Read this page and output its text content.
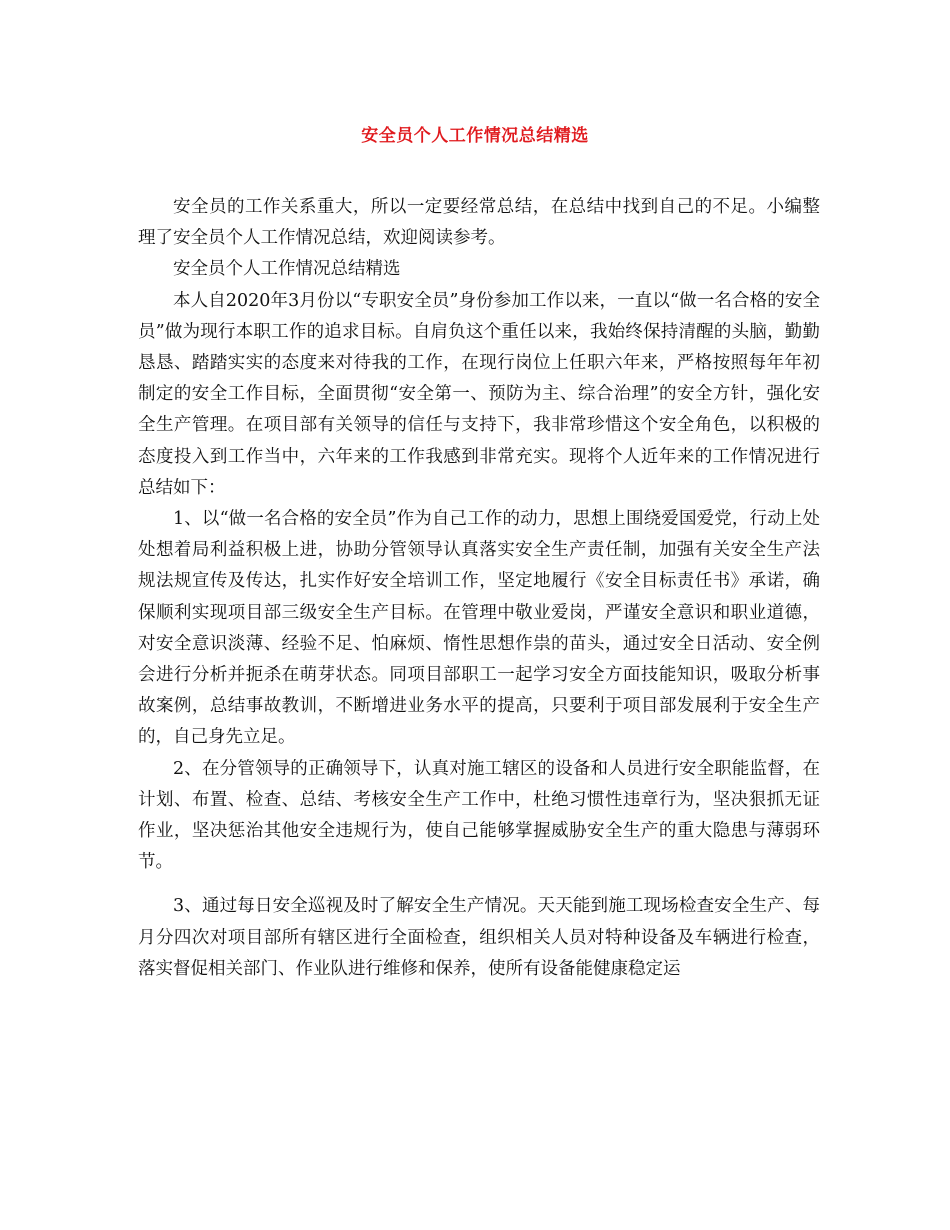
安全员个人工作情况总结精选

安全员的工作关系重大，所以一定要经常总结，在总结中找到自己的不足。小编整理了安全员个人工作情况总结，欢迎阅读参考。

安全员个人工作情况总结精选

本人自2020年3月份以“专职安全员”身份参加工作以来，一直以“做一名合格的安全员”做为现行本职工作的追求目标。自肩负这个重任以来，我始终保持清醒的头脑，勤勤恳恳、踏踏实实的态度来对待我的工作，在现行岗位上任职六年来，严格按照每年年初制定的安全工作目标，全面贯彻“安全第一、预防为主、综合治理”的安全方针，强化安全生产管理。在项目部有关领导的信任与支持下，我非常珍惜这个安全角色，以积极的态度投入到工作当中，六年来的工作我感到非常充实。现将个人近年来的工作情况进行总结如下：

1、以“做一名合格的安全员”作为自己工作的动力，思想上围绕爱国爱党，行动上处处想着局利益积极上进，协助分管领导认真落实安全生产责任制，加强有关安全生产法规法规宣传及传达，扎实作好安全培训工作，坚定地履行《安全目标责任书》承诺，确保顺利实现项目部三级安全生产目标。在管理中敬业爱岗，严谨安全意识和职业道德，对安全意识淡薄、经验不足、怕麻烦、惰性思想作祟的苗头，通过安全日活动、安全例会进行分析并扼杀在萌芽状态。同项目部职工一起学习安全方面技能知识，吸取分析事故案例，总结事故教训，不断增进业务水平的提高，只要利于项目部发展利于安全生产的，自己身先立足。

2、在分管领导的正确领导下，认真对施工辖区的设备和人员进行安全职能监督，在计划、布置、检查、总结、考核安全生产工作中，杜绝习惯性违章行为，坚决狠抓无证作业，坚决惩治其他安全违规行为，使自己能够掌握威胁安全生产的重大隐患与薄弱环节。

3、通过每日安全巡视及时了解安全生产情况。天天能到施工现场检查安全生产、每月分四次对项目部所有辖区进行全面检查，组织相关人员对特种设备及车辆进行检查，落实督促相关部门、作业队进行维修和保养，使所有设备能健康稳定运
